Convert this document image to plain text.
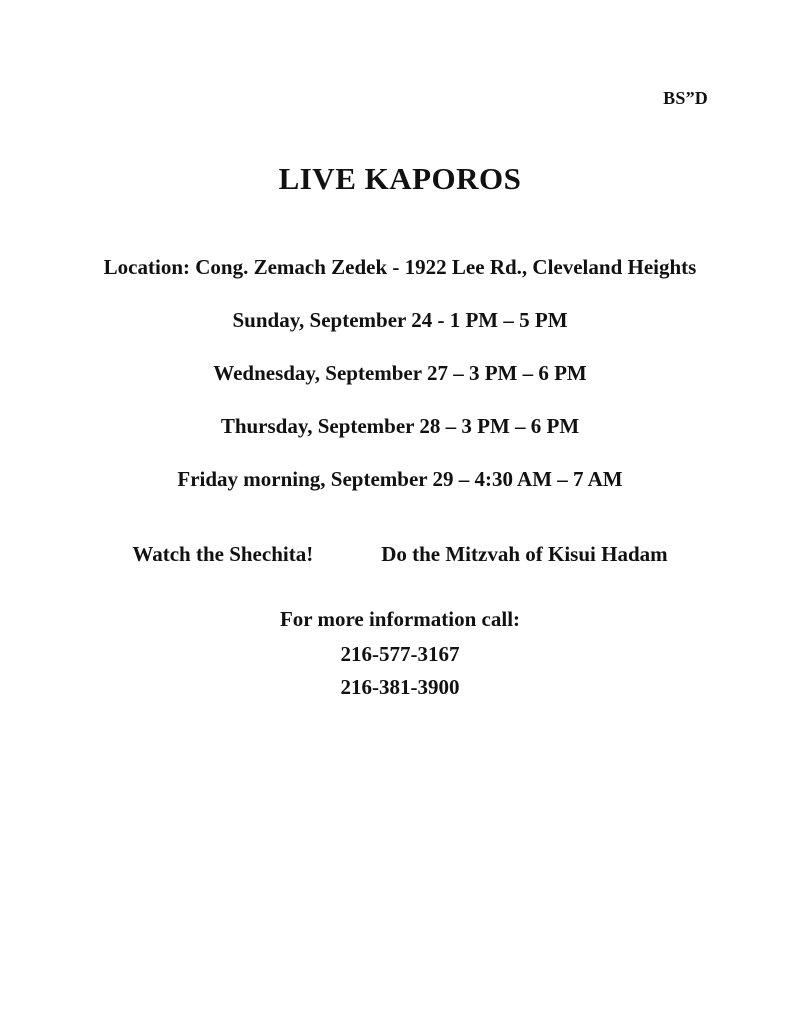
BS”D
LIVE KAPOROS
Location: Cong. Zemach Zedek - 1922 Lee Rd., Cleveland Heights
Sunday, September 24 - 1 PM – 5 PM
Wednesday, September 27 – 3 PM – 6 PM
Thursday, September 28 – 3 PM – 6 PM
Friday morning, September 29 – 4:30 AM – 7 AM
Watch the Shechita!	Do the Mitzvah of Kisui Hadam
For more information call:
216-577-3167
216-381-3900
